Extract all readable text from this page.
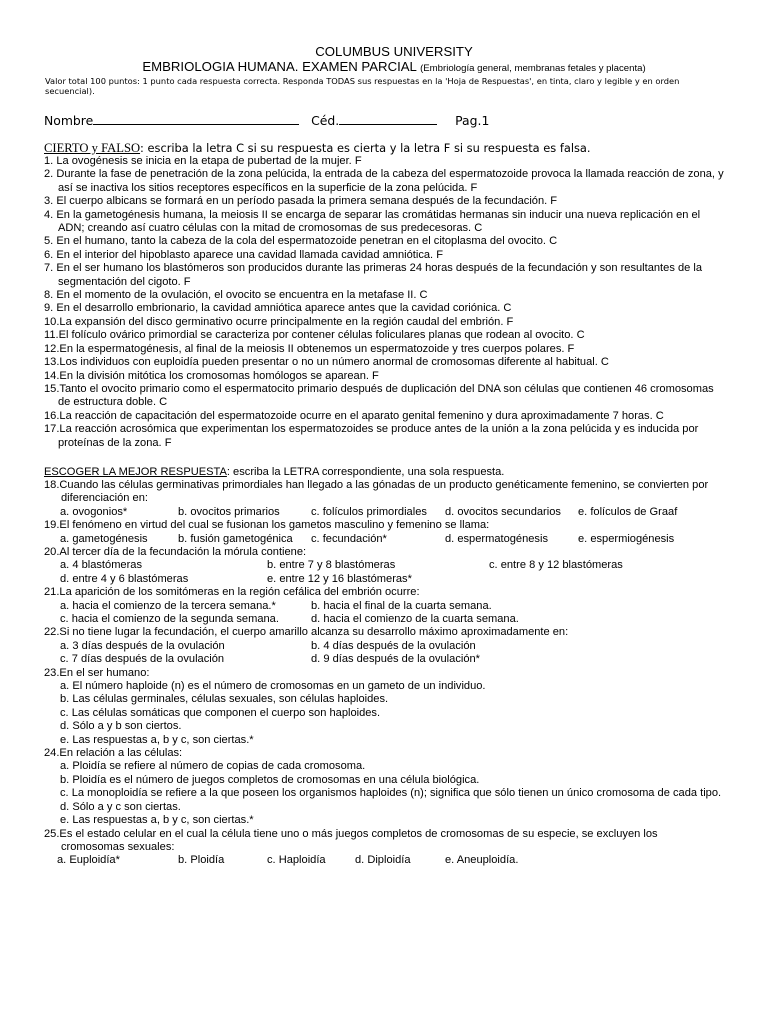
COLUMBUS UNIVERSITY
EMBRIOLOGIA HUMANA. EXAMEN PARCIAL (Embriología general, membranas fetales y placenta)
Valor total 100 puntos: 1 punto cada respuesta correcta. Responda TODAS sus respuestas en la 'Hoja de Respuestas', en tinta, claro y legible y en orden secuencial).
Nombre	Céd.	Pag.1
CIERTO y FALSO: escriba la letra C si su respuesta es cierta y la letra F si su respuesta es falsa.
1. La ovogénesis se inicia en la etapa de pubertad de la mujer. F
2. Durante la fase de penetración de la zona pelúcida, la entrada de la cabeza del espermatozoide provoca la llamada reacción de zona, y así se inactiva los sitios receptores específicos en la superficie de la zona pelúcida. F
3. El cuerpo albicans se formará en un período pasada la primera semana después de la fecundación. F
4. En la gametogénesis humana, la meiosis II se encarga de separar las cromátidas hermanas sin inducir una nueva replicación en el ADN; creando así cuatro células con la mitad de cromosomas de sus predecesoras. C
5. En el humano, tanto la cabeza de la cola del espermatozoide penetran en el citoplasma del ovocito. C
6. En el interior del hipoblasto aparece una cavidad llamada cavidad amniótica. F
7. En el ser humano los blastómeros son producidos durante las primeras 24 horas después de la fecundación y son resultantes de la segmentación del cigoto. F
8. En el momento de la ovulación, el ovocito se encuentra en la metafase II. C
9. En el desarrollo embrionario, la cavidad amniótica aparece antes que la cavidad coriónica. C
10.La expansión del disco germinativo ocurre principalmente en la región caudal del embrión. F
11.El folículo ovárico primordial se caracteriza por contener células foliculares planas que rodean al ovocito. C
12.En la espermatogénesis, al final de la meiosis II obtenemos un espermatozoide y tres cuerpos polares. F
13.Los individuos con euploidía pueden presentar o no un número anormal de cromosomas diferente al habitual. C
14.En la división mitótica los cromosomas homólogos se aparean. F
15.Tanto el ovocito primario como el espermatocito primario después de duplicación del DNA son células que contienen 46 cromosomas de estructura doble. C
16.La reacción de capacitación del espermatozoide ocurre en el aparato genital femenino y dura aproximadamente 7 horas. C
17.La reacción acrosómica que experimentan los espermatozoides se produce antes de la unión a la zona pelúcida y es inducida por proteínas de la zona. F
ESCOGER LA MEJOR RESPUESTA: escriba la LETRA correspondiente, una sola respuesta.
18.Cuando las células germinativas primordiales han llegado a las gónadas de un producto genéticamente femenino, se convierten por diferenciación en:
a. ovogonios*	b. ovocitos primarios	c. folículos primordiales	d. ovocitos secundarios	e. folículos de Graaf
19.El fenómeno en virtud del cual se fusionan los gametos masculino y femenino se llama:
a. gametogénesis	b. fusión gametogénica	c. fecundación*	d. espermatogénesis	e. espermiogénesis
20.Al tercer día de la fecundación la mórula contiene:
a. 4 blastómeras	b. entre 7 y 8 blastómeras	c. entre 8 y 12 blastómeras
d. entre 4 y 6 blastómeras	e. entre 12 y 16 blastómeras*
21.La aparición de los somitómeras en la región cefálica del embrión ocurre:
a. hacia el comienzo de la tercera semana.*	b. hacia el final de la cuarta semana.
c. hacia el comienzo de la segunda semana.	d. hacia el comienzo de la cuarta semana.
22.Si no tiene lugar la fecundación, el cuerpo amarillo alcanza su desarrollo máximo aproximadamente en:
a. 3 días después de la ovulación	b. 4 días después de la ovulación
c. 7 días después de la ovulación	d. 9 días después de la ovulación*
23.En el ser humano:
a. El número haploide (n) es el número de cromosomas en un gameto de un individuo.
b. Las células germinales, células sexuales, son células haploides.
c. Las células somáticas que componen el cuerpo son haploides.
d. Sólo a y b son ciertos.
e. Las respuestas a, b y c, son ciertas.*
24.En relación a las células:
a. Ploidía se refiere al número de copias de cada cromosoma.
b. Ploidía es el número de juegos completos de cromosomas en una célula biológica.
c. La monoploidía se refiere a la que poseen los organismos haploides (n); significa que sólo tienen un único cromosoma de cada tipo.
d. Sólo a y c son ciertas.
e. Las respuestas a, b y c, son ciertas.*
25.Es el estado celular en el cual la célula tiene uno o más juegos completos de cromosomas de su especie, se excluyen los cromosomas sexuales:
a. Euploidía*	b. Ploidía	c. Haploidía	d. Diploidía	e. Aneuploidía.
